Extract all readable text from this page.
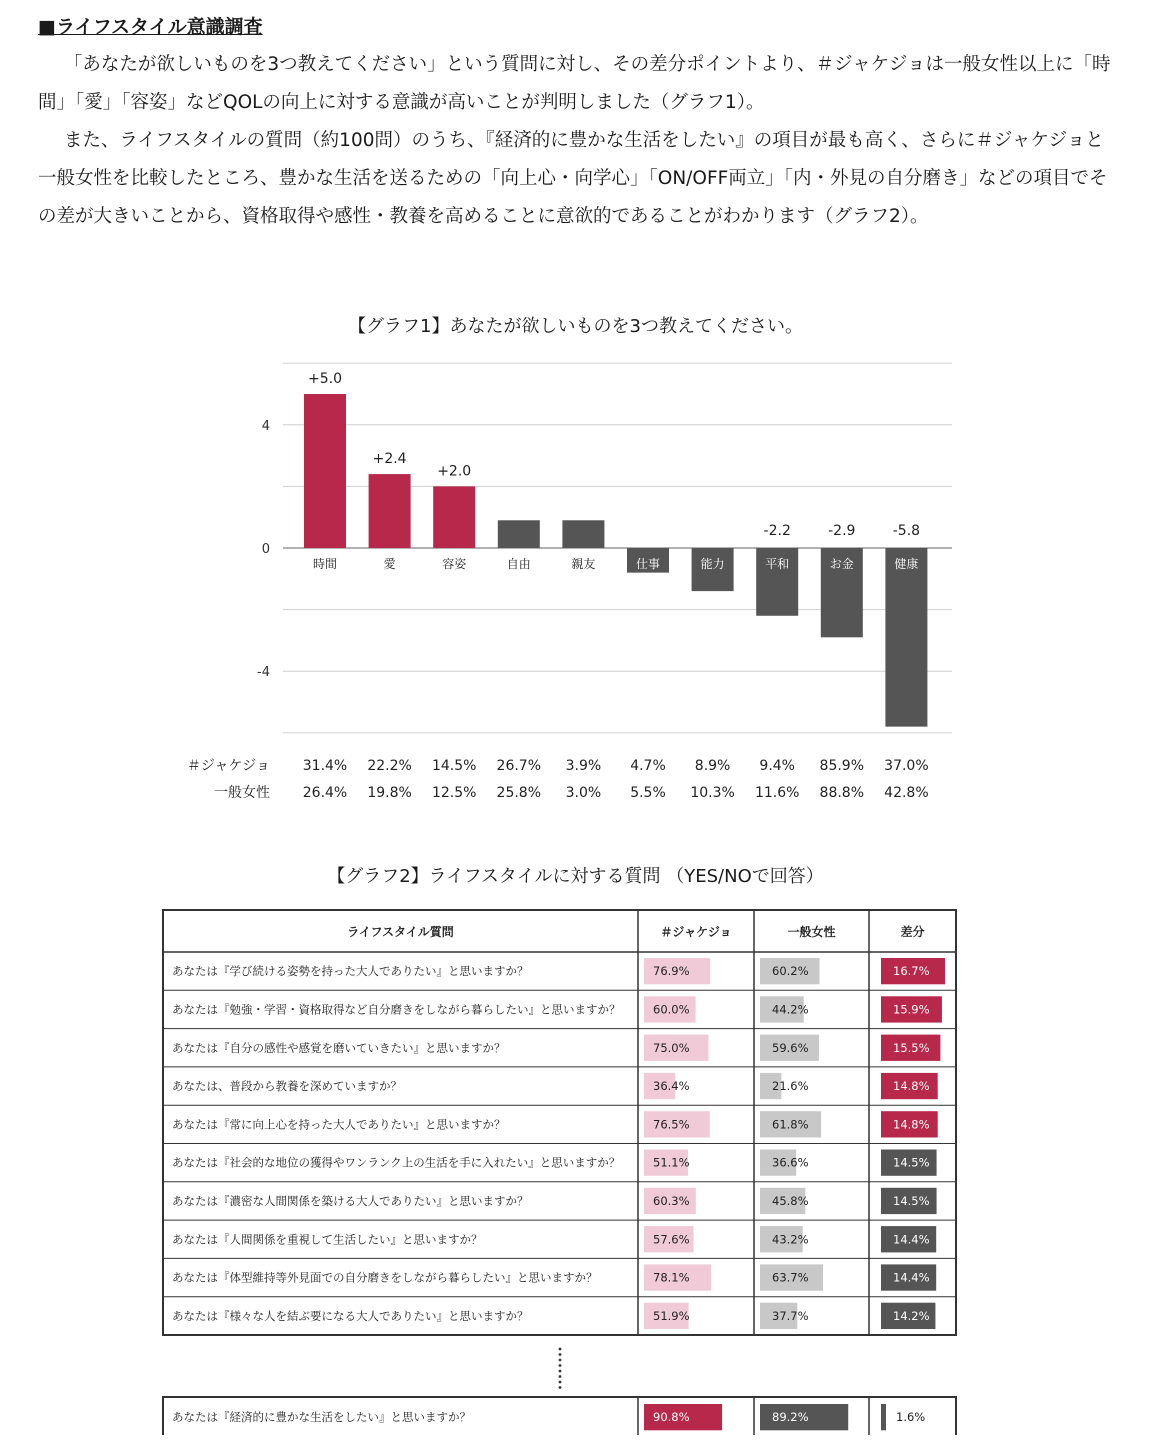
■ライフスタイル意識調査

「あなたが欲しいものを3つ教えてください」という質問に対し、その差分ポイントより、＃ジャケジョは一般女性以上に「時間」「愛」「容姿」などQOLの向上に対する意識が高いことが判明しました（グラフ1）。

また、ライフスタイルの質問（約100問）のうち、『経済的に豊かな生活をしたい』の項目が最も高く、さらに＃ジャケジョと一般女性を比較したところ、豊かな生活を送るための「向上心・向学心」「ON/OFF両立」「内・外見の自分磨き」などの項目でその差が大きいことから、資格取得や感性・教養を高めることに意欲的であることがわかります（グラフ2）。

【グラフ1】あなたが欲しいものを3つ教えてください。
4
0
-4
時間
+5.0
愛
+2.4
容姿
+2.0
自由	親友	仕事	能力	平和
-2.2
お金
-2.9
健康
-5.8
＃ジャケジョ 31.4% 22.2% 14.5% 26.7% 3.9% 4.7% 8.9% 9.4% 85.9% 37.0%
一般女性 26.4% 19.8% 12.5% 25.8% 3.0% 5.5% 10.3% 11.6% 88.8% 42.8%
【グラフ2】ライフスタイルに対する質問 （YES/NOで回答）
ライフスタイル質問	＃ジャケジョ	一般女性	差分
あなたは『学び続ける姿勢を持った大人でありたい』と思いますか？	76.9%	60.2%	16.7%
あなたは『勉強・学習・資格取得など自分磨きをしながら暮らしたい』と思いますか？	60.0%	44.2%	15.9%
あなたは『自分の感性や感覚を磨いていきたい』と思いますか？	75.0%	59.6%	15.5%
あなたは、普段から教養を深めていますか？	36.4%	21.6%	14.8%
あなたは『常に向上心を持った大人でありたい』と思いますか？	76.5%	61.8%	14.8%
あなたは『社会的な地位の獲得やワンランク上の生活を手に入れたい』と思いますか？	51.1%	36.6%	14.5%
あなたは『濃密な人間関係を築ける大人でありたい』と思いますか？	60.3%	45.8%	14.5%
あなたは『人間関係を重視して生活したい』と思いますか？	57.6%	43.2%	14.4%
あなたは『体型維持等外見面での自分磨きをしながら暮らしたい』と思いますか？	78.1%	63.7%	14.4%
あなたは『様々な人を結ぶ要になる大人でありたい』と思いますか？	51.9%	37.7%	14.2%
あなたは『経済的に豊かな生活をしたい』と思いますか？	90.8%	89.2%	1.6%
